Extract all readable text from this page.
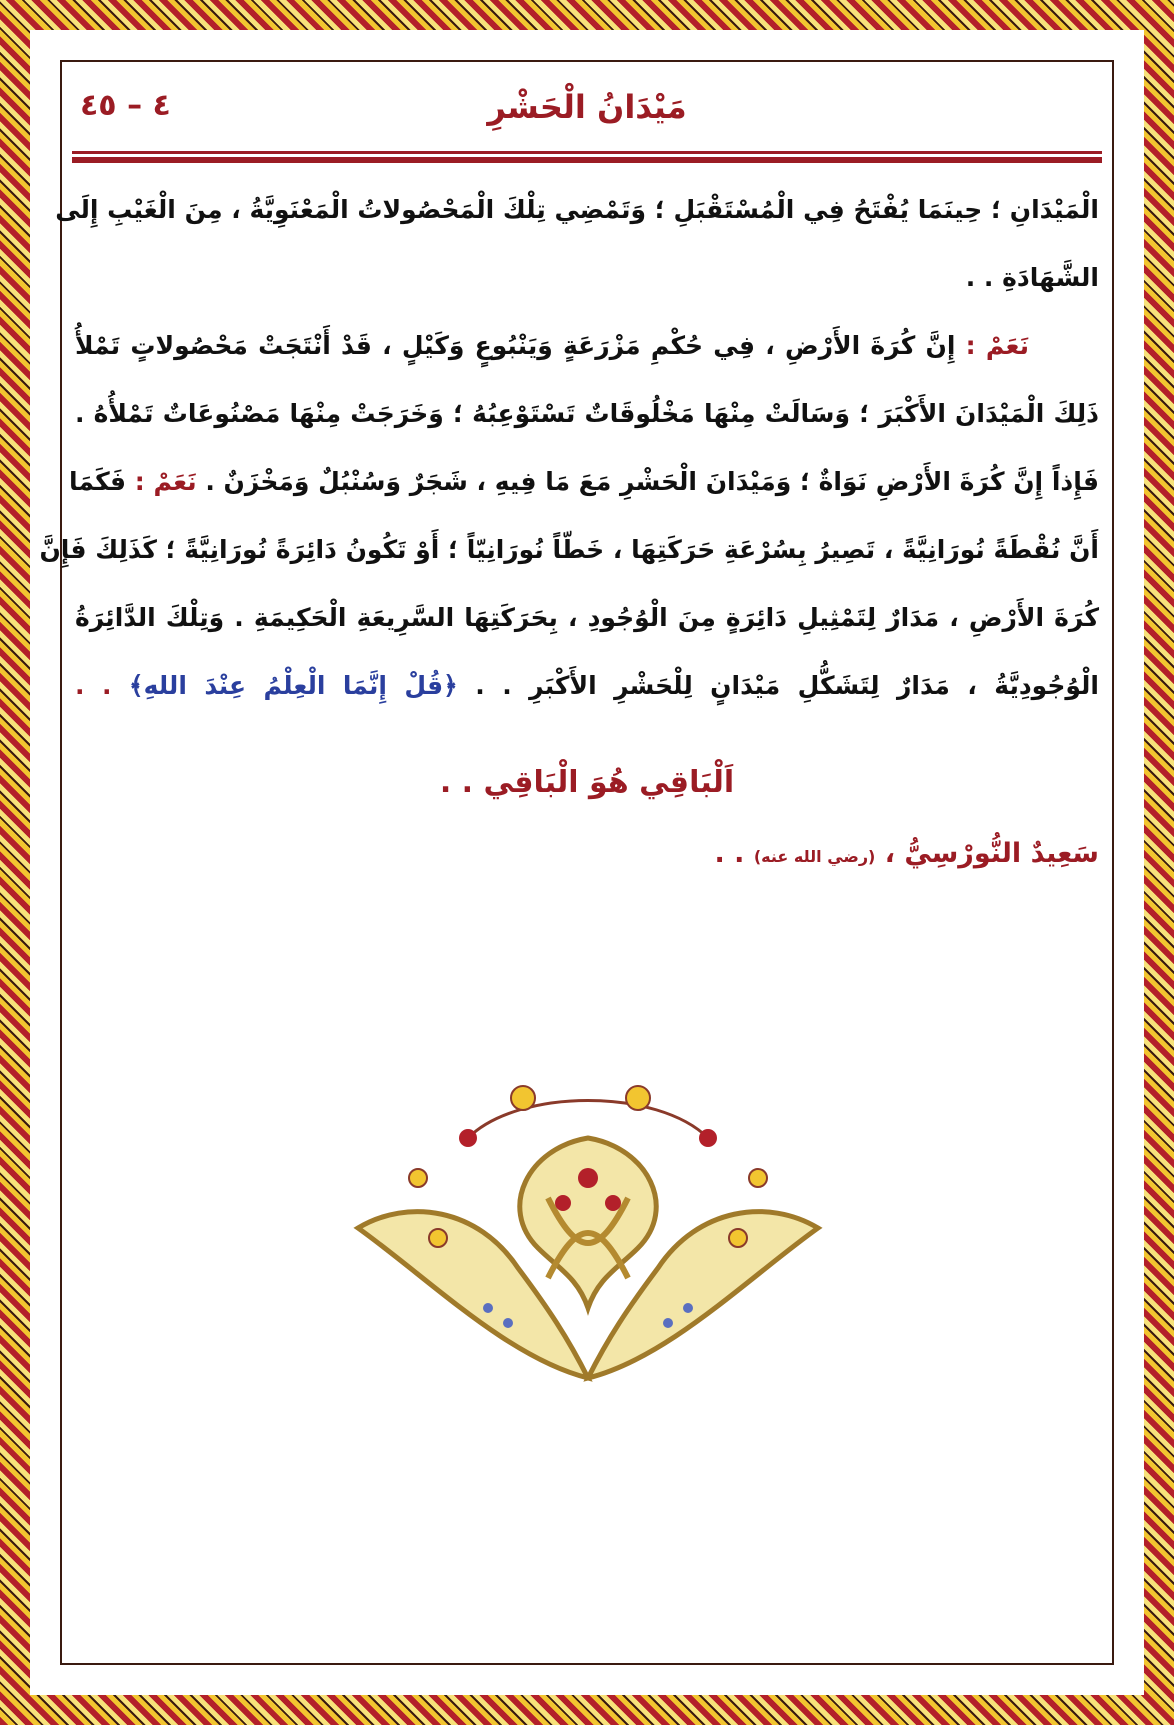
مَيْدَانُ الْحَشْرِ
٤ – ٤٥
الْمَيْدَانِ ؛ حِينَمَا يُفْتَحُ فِي الْمُسْتَقْبَلِ ؛ وَتَمْضِي تِلْكَ الْمَحْصُولاتُ الْمَعْنَوِيَّةُ ، مِنَ الْغَيْبِ إِلَى
الشَّهَادَةِ . .
نَعَمْ : إِنَّ كُرَةَ الأَرْضِ ، فِي حُكْمِ مَزْرَعَةٍ وَيَنْبُوعٍ وَكَيْلٍ ، قَدْ أَنْتَجَتْ مَحْصُولاتٍ تَمْلأُ
ذَلِكَ الْمَيْدَانَ الأَكْبَرَ ؛ وَسَالَتْ مِنْهَا مَخْلُوقَاتٌ تَسْتَوْعِبُهُ ؛ وَخَرَجَتْ مِنْهَا مَصْنُوعَاتٌ تَمْلأُهُ .
فَإِذاً إِنَّ كُرَةَ الأَرْضِ نَوَاةٌ ؛ وَمَيْدَانَ الْحَشْرِ مَعَ مَا فِيهِ ، شَجَرٌ وَسُنْبُلٌ وَمَخْزَنٌ . نَعَمْ : فَكَمَا
أَنَّ نُقْطَةً نُورَانِيَّةً ، تَصِيرُ بِسُرْعَةِ حَرَكَتِهَا ، خَطّاً نُورَانِيّاً ؛ أَوْ تَكُونُ دَائِرَةً نُورَانِيَّةً ؛ كَذَلِكَ فَإِنَّ
كُرَةَ الأَرْضِ ، مَدَارٌ لِتَمْثِيلِ دَائِرَةٍ مِنَ الْوُجُودِ ، بِحَرَكَتِهَا السَّرِيعَةِ الْحَكِيمَةِ . وَتِلْكَ الدَّائِرَةُ
الْوُجُودِيَّةُ ، مَدَارٌ لِتَشَكُّلِ مَيْدَانٍ لِلْحَشْرِ الأَكْبَرِ . . ﴿قُلْ إِنَّمَا الْعِلْمُ عِنْدَ اللهِ﴾ . .
اَلْبَاقِي هُوَ الْبَاقِي . .
سَعِيدٌ النُّورْسِيُّ ، (رضي الله عنه) . .
